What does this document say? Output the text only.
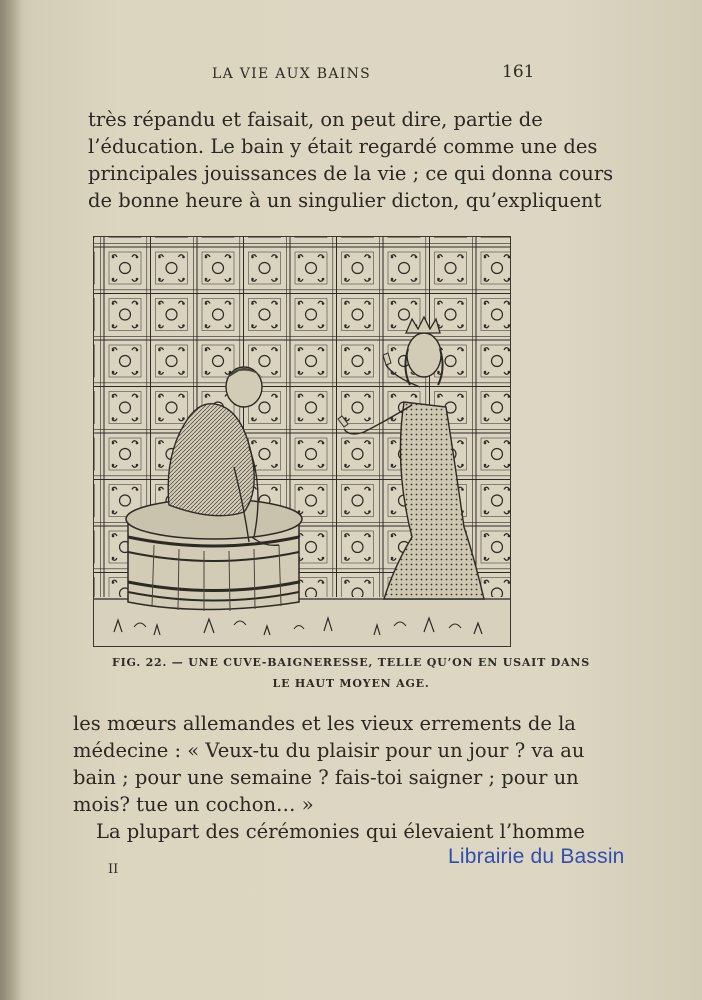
LA VIE AUX BAINS	161
très répandu et faisait, on peut dire, partie de
l’éducation. Le bain y était regardé comme une des
principales jouissances de la vie ; ce qui donna cours
de bonne heure à un singulier dicton, qu’expliquent
FIG. 22. — UNE CUVE-BAIGNERESSE, TELLE QU’ON EN USAIT DANS
LE HAUT MOYEN AGE.
les mœurs allemandes et les vieux errements de la
médecine : « Veux-tu du plaisir pour un jour ? va au
bain ; pour une semaine ? fais-toi saigner ; pour un
mois? tue un cochon… »
La plupart des cérémonies qui élevaient l’homme
II
Librairie du Bassin
